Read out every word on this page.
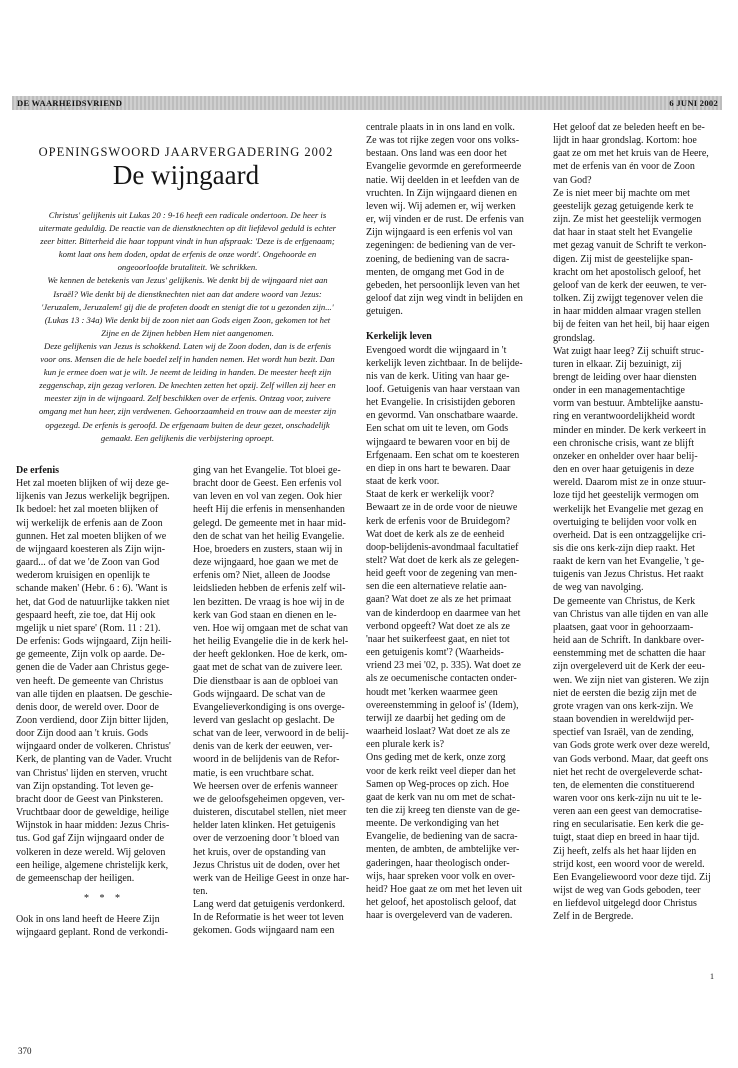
DE WAARHEIDSVRIEND	6 JUNI 2002
OPENINGSWOORD JAARVERGADERING 2002
De wijngaard

Christus' gelijkenis uit Lukas 20 : 9-16 heeft een radicale ondertoon. De heer is

uitermate geduldig. De reactie van de dienstknechten op dit liefdevol geduld is echter

zeer bitter. Bitterheid die haar toppunt vindt in hun afspraak: 'Deze is de erfgenaam;

komt laat ons hem doden, opdat de erfenis de onze wordt'. Ongehoorde en

ongeoorloofde brutaliteit. We schrikken.

We kennen de betekenis van Jezus' gelijkenis. We denkt bij de wijngaard niet aan

Israël? Wie denkt bij de dienstknechten niet aan dat andere woord van Jezus:

'Jeruzalem, Jeruzalem! gij die de profeten doodt en stenigt die tot u gezonden zijn...'

(Lukas 13 : 34a) Wie denkt bij de zoon niet aan Gods eigen Zoon, gekomen tot het

Zijne en de Zijnen hebben Hem niet aangenomen.

Deze gelijkenis van Jezus is schokkend. Laten wij de Zoon doden, dan is de erfenis

voor ons. Mensen die de hele boedel zelf in handen nemen. Het wordt hun bezit. Dan

kun je ermee doen wat je wilt. Je neemt de leiding in handen. De meester heeft zijn

zeggenschap, zijn gezag verloren. De knechten zetten het opzij. Zelf willen zij heer en

meester zijn in de wijngaard. Zelf beschikken over de erfenis. Ontzag voor, zuivere

omgang met hun heer, zijn verdwenen. Gehoorzaamheid en trouw aan de meester zijn

opgezegd. De erfenis is geroofd. De erfgenaam buiten de deur gezet, onschadelijk

gemaakt. Een gelijkenis die verbijstering oproept.

De erfenis

Het zal moeten blijken of wij deze ge-

lijkenis van Jezus werkelijk begrijpen.

Ik bedoel: het zal moeten blijken of

wij werkelijk de erfenis aan de Zoon

gunnen. Het zal moeten blijken of we

de wijngaard koesteren als Zijn wijn-

gaard... of dat we 'de Zoon van God

wederom kruisigen en openlijk te

schande maken' (Hebr. 6 : 6). 'Want is

het, dat God de natuurlijke takken niet

gespaard heeft, zie toe, dat Hij ook

mgelijk u niet spare' (Rom. 11 : 21).

De erfenis: Gods wijngaard, Zijn heili-

ge gemeente, Zijn volk op aarde. De-

genen die de Vader aan Christus gege-

ven heeft. De gemeente van Christus

van alle tijden en plaatsen. De geschie-

denis door, de wereld over. Door de

Zoon verdiend, door Zijn bitter lijden,

door Zijn dood aan 't kruis. Gods

wijngaard onder de volkeren. Christus'

Kerk, de planting van de Vader. Vrucht

van Christus' lijden en sterven, vrucht

van Zijn opstanding. Tot leven ge-

bracht door de Geest van Pinksteren.

Vruchtbaar door de geweldige, heilige

Wijnstok in haar midden: Jezus Chris-

tus. God gaf Zijn wijngaard onder de

volkeren in deze wereld. Wij geloven

een heilige, algemene christelijk kerk,

de gemeenschap der heiligen.

* * *

Ook in ons land heeft de Heere Zijn

wijngaard geplant. Rond de verkondi-

ging van het Evangelie. Tot bloei ge-

bracht door de Geest. Een erfenis vol

van leven en vol van zegen. Ook hier

heeft Hij die erfenis in mensenhanden

gelegd. De gemeente met in haar mid-

den de schat van het heilig Evangelie.

Hoe, broeders en zusters, staan wij in

deze wijngaard, hoe gaan we met de

erfenis om? Niet, alleen de Joodse

leidslieden hebben de erfenis zelf wil-

len bezitten. De vraag is hoe wij in de

kerk van God staan en dienen en le-

ven. Hoe wij omgaan met de schat van

het heilig Evangelie die in de kerk hel-

der heeft geklonken. Hoe de kerk, om-

gaat met de schat van de zuivere leer.

Die dienstbaar is aan de opbloei van

Gods wijngaard. De schat van de

Evangelieverkondiging is ons overge-

leverd van geslacht op geslacht. De

schat van de leer, verwoord in de belij-

denis van de kerk der eeuwen, ver-

woord in de belijdenis van de Refor-

matie, is een vruchtbare schat.

We heersen over de erfenis wanneer

we de geloofsgeheimen opgeven, ver-

duisteren, discutabel stellen, niet meer

helder laten klinken. Het getuigenis

over de verzoening door 't bloed van

het kruis, over de opstanding van

Jezus Christus uit de doden, over het

werk van de Heilige Geest in onze har-

ten.

Lang werd dat getuigenis verdonkerd.

In de Reformatie is het weer tot leven

gekomen. Gods wijngaard nam een

centrale plaats in in ons land en volk.

Ze was tot rijke zegen voor ons volks-

bestaan. Ons land was een door het

Evangelie gevormde en gereformeerde

natie. Wij deelden in et leefden van de

vruchten. In Zijn wijngaard dienen en

leven wij. Wij ademen er, wij werken

er, wij vinden er de rust. De erfenis van

Zijn wijngaard is een erfenis vol van

zegeningen: de bediening van de ver-

zoening, de bediening van de sacra-

menten, de omgang met God in de

gebeden, het persoonlijk leven van het

geloof dat zijn weg vindt in belijden en

getuigen.

Kerkelijk leven

Evengoed wordt die wijngaard in 't

kerkelijk leven zichtbaar. In de belijde-

nis van de kerk. Uiting van haar ge-

loof. Getuigenis van haar verstaan van

het Evangelie. In crisistijden geboren

en gevormd. Van onschatbare waarde.

Een schat om uit te leven, om Gods

wijngaard te bewaren voor en bij de

Erfgenaam. Een schat om te koesteren

en diep in ons hart te bewaren. Daar

staat de kerk voor.

Staat de kerk er werkelijk voor?

Bewaart ze in de orde voor de nieuwe

kerk de erfenis voor de Bruidegom?

Wat doet de kerk als ze de eenheid

doop-belijdenis-avondmaal facultatief

stelt? Wat doet de kerk als ze gelegen-

heid geeft voor de zegening van men-

sen die een alternatieve relatie aan-

gaan? Wat doet ze als ze het primaat

van de kinderdoop en daarmee van het

verbond opgeeft? Wat doet ze als ze

'naar het suikerfeest gaat, en niet tot

een getuigenis komt'? (Waarheids-

vriend 23 mei '02, p. 335). Wat doet ze

als ze oecumenische contacten onder-

houdt met 'kerken waarmee geen

overeenstemming in geloof is' (Idem),

terwijl ze daarbij het geding om de

waarheid loslaat? Wat doet ze als ze

een plurale kerk is?

Ons geding met de kerk, onze zorg

voor de kerk reikt veel dieper dan het

Samen op Weg-proces op zich. Hoe

gaat de kerk van nu om met de schat-

ten die zij kreeg ten dienste van de ge-

meente. De verkondiging van het

Evangelie, de bediening van de sacra-

menten, de ambten, de ambtelijke ver-

gaderingen, haar theologisch onder-

wijs, haar spreken voor volk en over-

heid? Hoe gaat ze om met het leven uit

het geloof, het apostolisch geloof, dat

haar is overgeleverd van de vaderen.

Het geloof dat ze beleden heeft en be-

lijdt in haar grondslag. Kortom: hoe

gaat ze om met het kruis van de Heere,

met de erfenis van én voor de Zoon

van God?

Ze is niet meer bij machte om met

geestelijk gezag getuigende kerk te

zijn. Ze mist het geestelijk vermogen

dat haar in staat stelt het Evangelie

met gezag vanuit de Schrift te verkon-

digen. Zij mist de geestelijke span-

kracht om het apostolisch geloof, het

geloof van de kerk der eeuwen, te ver-

tolken. Zij zwijgt tegenover velen die

in haar midden almaar vragen stellen

bij de feiten van het heil, bij haar eigen

grondslag.

Wat zuigt haar leeg? Zij schuift struc-

turen in elkaar. Zij bezuinigt, zij

brengt de leiding over haar diensten

onder in een managementachtige

vorm van bestuur. Ambtelijke aanstu-

ring en verantwoordelijkheid wordt

minder en minder. De kerk verkeert in

een chronische crisis, want ze blijft

onzeker en onhelder over haar belij-

den en over haar getuigenis in deze

wereld. Daarom mist ze in onze stuur-

loze tijd het geestelijk vermogen om

werkelijk het Evangelie met gezag en

overtuiging te belijden voor volk en

overheid. Dat is een ontzaggelijke cri-

sis die ons kerk-zijn diep raakt. Het

raakt de kern van het Evangelie, 't ge-

tuigenis van Jezus Christus. Het raakt

de weg van navolging.

De gemeente van Christus, de Kerk

van Christus van alle tijden en van alle

plaatsen, gaat voor in gehoorzaam-

heid aan de Schrift. In dankbare over-

eenstemming met de schatten die haar

zijn overgeleverd uit de Kerk der eeu-

wen. We zijn niet van gisteren. We zijn

niet de eersten die bezig zijn met de

grote vragen van ons kerk-zijn. We

staan bovendien in wereldwijd per-

spectief van Israël, van de zending,

van Gods grote werk over deze wereld,

van Gods verbond. Maar, dat geeft ons

niet het recht de overgeleverde schat-

ten, de elementen die constituerend

waren voor ons kerk-zijn nu uit te le-

veren aan een geest van democratise-

ring en secularisatie. Een kerk die ge-

tuigt, staat diep en breed in haar tijd.

Zij heeft, zelfs als het haar lijden en

strijd kost, een woord voor de wereld.

Een Evangeliewoord voor deze tijd. Zij

wijst de weg van Gods geboden, teer

en liefdevol uitgelegd door Christus

Zelf in de Bergrede.

370
1
